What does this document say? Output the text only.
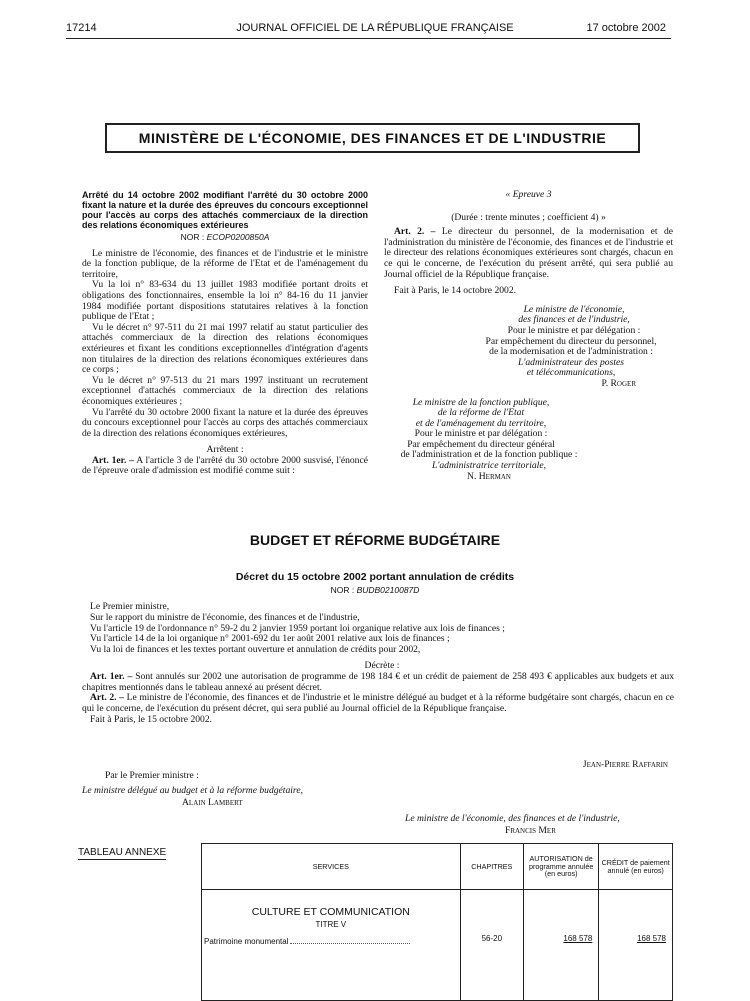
17214	JOURNAL OFFICIEL DE LA RÉPUBLIQUE FRANÇAISE	17 octobre 2002
MINISTÈRE DE L'ÉCONOMIE, DES FINANCES ET DE L'INDUSTRIE
Arrêté du 14 octobre 2002 modifiant l'arrêté du 30 octobre 2000 fixant la nature et la durée des épreuves du concours exceptionnel pour l'accès au corps des attachés commerciaux de la direction des relations économiques extérieures
NOR : ECOP0200850A

Le ministre de l'économie, des finances et de l'industrie et le ministre de la fonction publique, de la réforme de l'Etat et de l'aménagement du territoire,

Vu la loi n° 83-634 du 13 juillet 1983 modifiée portant droits et obligations des fonctionnaires, ensemble la loi n° 84-16 du 11 janvier 1984 modifiée portant dispositions statutaires relatives à la fonction publique de l'Etat ;

Vu le décret n° 97-511 du 21 mai 1997 relatif au statut particulier des attachés commerciaux de la direction des relations économiques extérieures et fixant les conditions exceptionnelles d'intégration d'agents non titulaires de la direction des relations économiques extérieures dans ce corps ;

Vu le décret n° 97-513 du 21 mars 1997 instituant un recrutement exceptionnel d'attachés commerciaux de la direction des relations économiques extérieures ;

Vu l'arrêté du 30 octobre 2000 fixant la nature et la durée des épreuves du concours exceptionnel pour l'accès au corps des attachés commerciaux de la direction des relations économiques extérieures,

Arrêtent :

Art. 1er. – A l'article 3 de l'arrêté du 30 octobre 2000 susvisé, l'énoncé de l'épreuve orale d'admission est modifié comme suit :

« Epreuve 3

(Durée : trente minutes ; coefficient 4) »

Art. 2. – Le directeur du personnel, de la modernisation et de l'administration du ministère de l'économie, des finances et de l'industrie et le directeur des relations économiques extérieures sont chargés, chacun en ce qui le concerne, de l'exécution du présent arrêté, qui sera publié au Journal officiel de la République française.

Fait à Paris, le 14 octobre 2002.

Le ministre de l'économie,
des finances et de l'industrie,
Pour le ministre et par délégation :
Par empêchement du directeur du personnel,
de la modernisation et de l'administration :
L'administrateur des postes
et télécommunications,
P. Roger
Le ministre de la fonction publique,
de la réforme de l'Etat
et de l'aménagement du territoire,
Pour le ministre et par délégation :
Par empêchement du directeur général
de l'administration et de la fonction publique :
L'administratrice territoriale,
N. Herman
BUDGET ET RÉFORME BUDGÉTAIRE
Décret du 15 octobre 2002 portant annulation de crédits
NOR : BUDB0210087D

Le Premier ministre,

Sur le rapport du ministre de l'économie, des finances et de l'industrie,

Vu l'article 19 de l'ordonnance n° 59-2 du 2 janvier 1959 portant loi organique relative aux lois de finances ;

Vu l'article 14 de la loi organique n° 2001-692 du 1er août 2001 relative aux lois de finances ;

Vu la loi de finances et les textes portant ouverture et annulation de crédits pour 2002,

Décrète :

Art. 1er. – Sont annulés sur 2002 une autorisation de programme de 198 184 € et un crédit de paiement de 258 493 € applicables aux budgets et aux chapitres mentionnés dans le tableau annexé au présent décret.

Art. 2. – Le ministre de l'économie, des finances et de l'industrie et le ministre délégué au budget et à la réforme budgétaire sont chargés, chacun en ce qui le concerne, de l'exécution du présent décret, qui sera publié au Journal officiel de la République française.

Fait à Paris, le 15 octobre 2002.

Jean-Pierre Raffarin
Par le Premier ministre :
Le ministre délégué au budget et à la réforme budgétaire,
Alain Lambert
Le ministre de l'économie, des finances et de l'industrie,
Francis Mer
TABLEAU ANNEXE
SERVICES	CHAPITRES	AUTORISATION de programme annulée (en euros)	CRÉDIT de paiement annulé (en euros)

CULTURE ET COMMUNICATION
TITRE V
Patrimoine monumental	56-20	168 578	168 578
